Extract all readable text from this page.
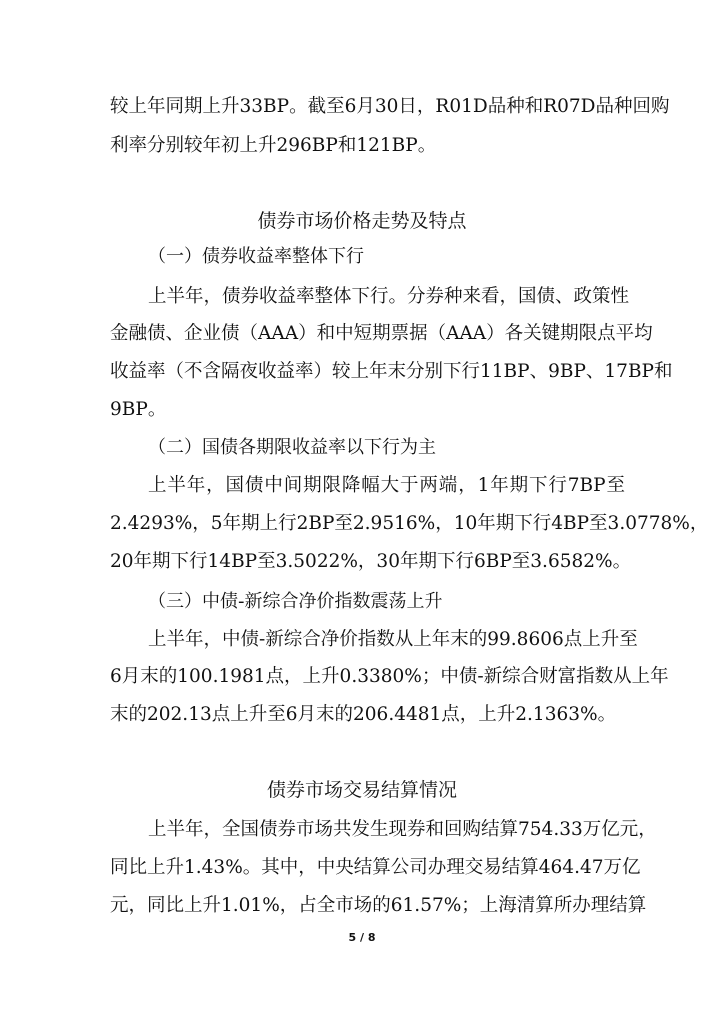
较上年同期上升33BP。截至6月30日，R01D品种和R07D品种回购
利率分别较年初上升296BP和121BP。
债券市场价格走势及特点
（一）债券收益率整体下行
上半年，债券收益率整体下行。分券种来看，国债、政策性
金融债、企业债（AAA）和中短期票据（AAA）各关键期限点平均
收益率（不含隔夜收益率）较上年末分别下行11BP、9BP、17BP和
9BP。
（二）国债各期限收益率以下行为主
上半年，国债中间期限降幅大于两端，1年期下行7BP至
2.4293%，5年期上行2BP至2.9516%，10年期下行4BP至3.0778%，
20年期下行14BP至3.5022%，30年期下行6BP至3.6582%。
（三）中债-新综合净价指数震荡上升
上半年，中债-新综合净价指数从上年末的99.8606点上升至
6月末的100.1981点，上升0.3380%；中债-新综合财富指数从上年
末的202.13点上升至6月末的206.4481点，上升2.1363%。
债券市场交易结算情况
上半年，全国债券市场共发生现券和回购结算754.33万亿元，
同比上升1.43%。其中，中央结算公司办理交易结算464.47万亿
元，同比上升1.01%，占全市场的61.57%；上海清算所办理结算
5 / 8
